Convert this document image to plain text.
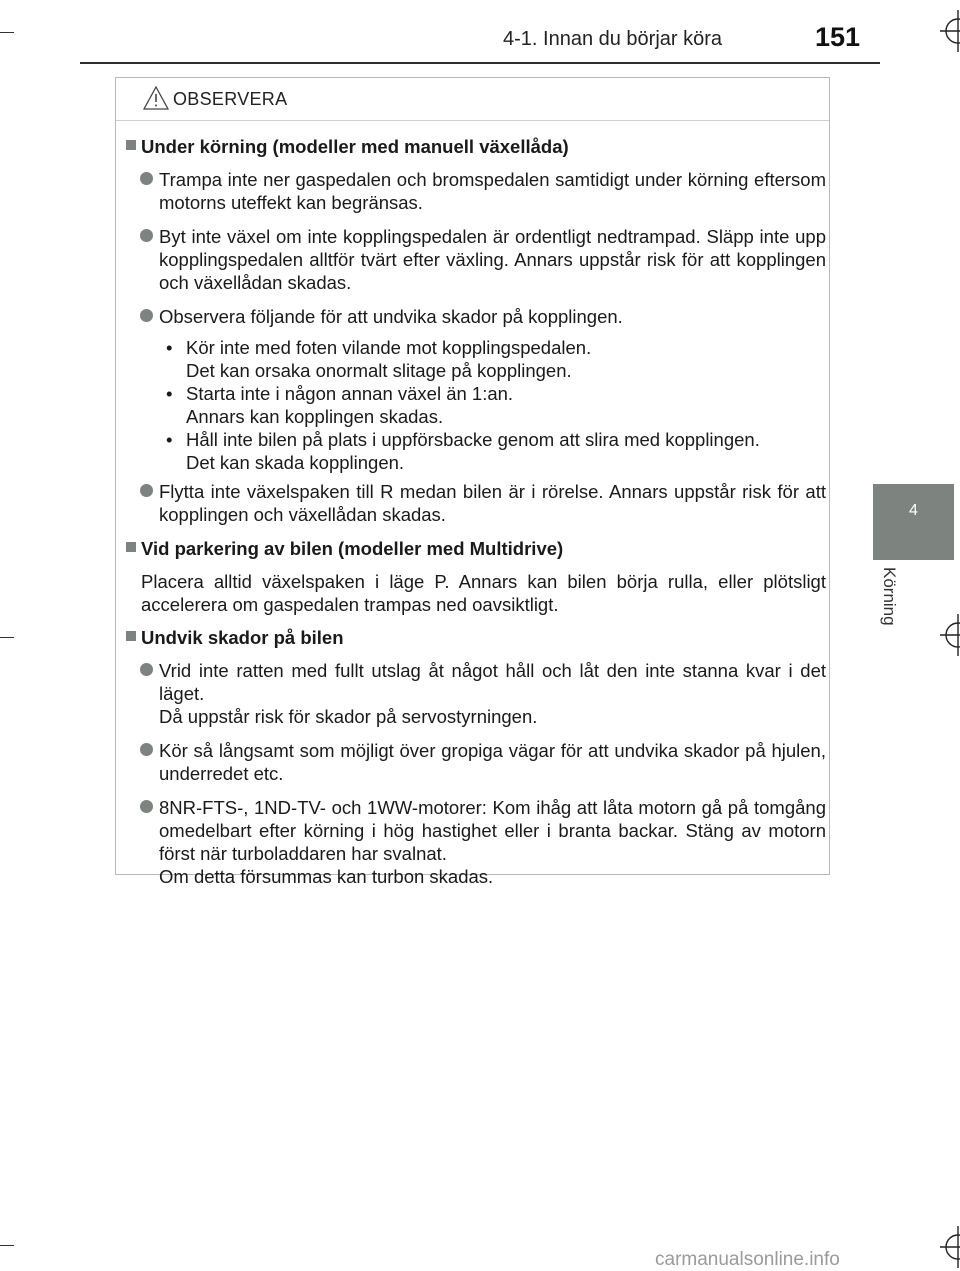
4-1. Innan du börjar köra	151
4
Körning
OBSERVERA
Under körning (modeller med manuell växellåda)
Trampa inte ner gaspedalen och bromspedalen samtidigt under körning eftersom motorns uteffekt kan begränsas.
Byt inte växel om inte kopplingspedalen är ordentligt nedtrampad. Släpp inte upp kopplingspedalen alltför tvärt efter växling. Annars uppstår risk för att kopplingen och växellådan skadas.
Observera följande för att undvika skador på kopplingen.
• Kör inte med foten vilande mot kopplingspedalen.
Det kan orsaka onormalt slitage på kopplingen.
• Starta inte i någon annan växel än 1:an.
Annars kan kopplingen skadas.
• Håll inte bilen på plats i uppförsbacke genom att slira med kopplingen.
Det kan skada kopplingen.
Flytta inte växelspaken till R medan bilen är i rörelse. Annars uppstår risk för att kopplingen och växellådan skadas.
Vid parkering av bilen (modeller med Multidrive)
Placera alltid växelspaken i läge P. Annars kan bilen börja rulla, eller plötsligt accelerera om gaspedalen trampas ned oavsiktligt.
Undvik skador på bilen
Vrid inte ratten med fullt utslag åt något håll och låt den inte stanna kvar i det läget.
Då uppstår risk för skador på servostyrningen.
Kör så långsamt som möjligt över gropiga vägar för att undvika skador på hjulen, underredet etc.
8NR-FTS-, 1ND-TV- och 1WW-motorer: Kom ihåg att låta motorn gå på tomgång omedelbart efter körning i hög hastighet eller i branta backar. Stäng av motorn först när turboladdaren har svalnat.
Om detta försummas kan turbon skadas.
carmanualsonline.info
